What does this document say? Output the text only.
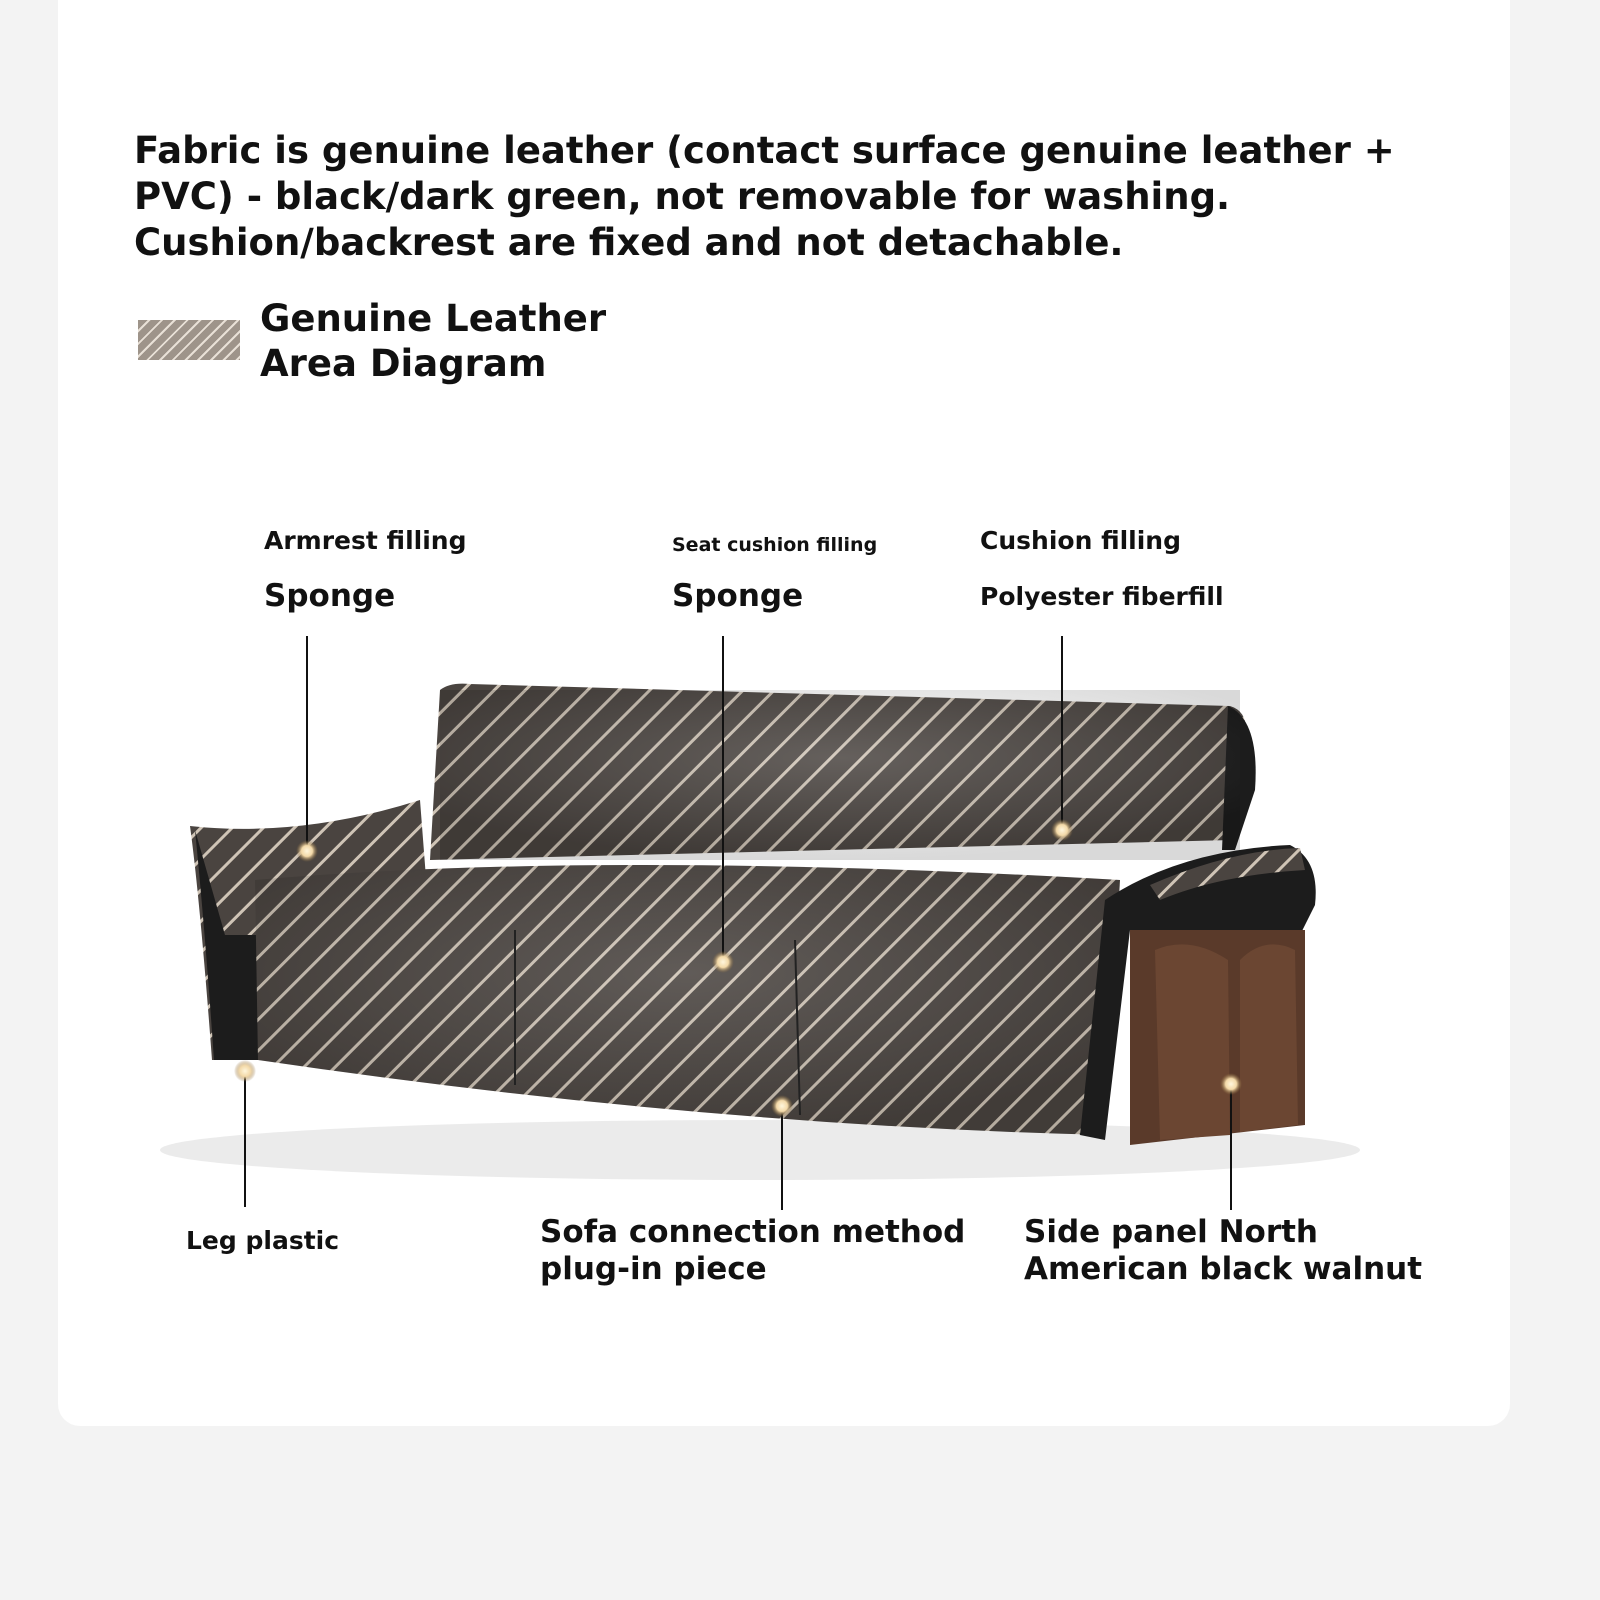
Fabric is genuine leather (contact surface genuine leather +
PVC) - black/dark green, not removable for washing.
Cushion/backrest are fixed and not detachable.
Genuine Leather
Area Diagram
Armrest filling
Sponge
Seat cushion filling
Sponge
Cushion filling
Polyester fiberfill
Leg plastic	Sofa connection method
plug-in piece
Side panel North
American black walnut
